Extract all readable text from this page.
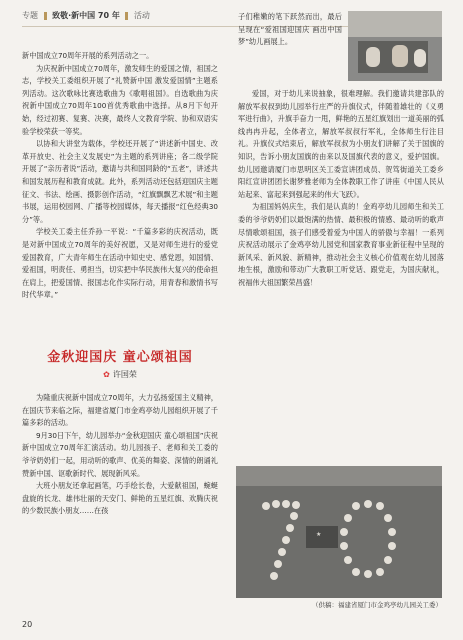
专题 致敬·新中国 70 年 活动

新中国成立70周年开展的系列活动之一。

为庆祝新中国成立70周年，激发师生的爱国之情，祖国之志，学校关工委组织开展了“礼赞新中国 激发爱国情”主题系列活动。这次歌咏比赛选歌曲为《歌唱祖国》。自选歌曲为庆祝新中国成立70周年100首优秀歌曲中选择。从8月下旬开始，经过初赛、复赛、决赛，最终人文教育学院、协和双语实验学校荣获一等奖。

以协和大讲堂为载体，学校还开展了“讲述新中国史、改革开放史、社会主义发展史”为主题的系列讲座；各二级学院开展了“亲历者说”活动，邀请与共和国同龄的“五老”，讲述共和国发展历程和教育成就。此外，系列活动还包括迎国庆主题征文、书法、绘画、摄影创作活动，“红旗飘飘艺术展”和主题书展，运用校园网、广播等校园媒体，每天播报“红色经典30分”等。

学校关工委主任乔孙一平说：“千篇多彩的庆祝活动，既是对新中国成立70周年的美好祝愿，又是对师生进行的爱党爱国教育，广大青年师生在活动中知史史、感党恩，知国情、爱祖国，明责任、勇担当，切实把中华民族伟大复兴的使命担在肩上，把爱国情、报国志化作实际行动，用青春和激情书写时代华章。”

金秋迎国庆 童心颂祖国
✿ 许国荣

为隆重庆祝新中国成立70周年，大力弘扬爱国主义精神，在国庆节来临之际，福建省厦门市金鸡亭幼儿园组织开展了千篇多彩的活动。

9月30日下午，幼儿园举办“金秋迎国庆 童心颂祖国”庆祝新中国成立70周年汇演活动。幼儿园孩子、老师和关工委的爷爷奶奶们一起，用动听的歌声、优美的舞姿、深情的朗诵礼赞新中国、讴歌新时代、展现新风采。

大班小朋友还拿起画笔，巧手绘长卷，大爱献祖国，蜿蜒盘旋的长龙、雄伟壮丽的天安门、鲜艳的五星红旗、欢腾庆祝的少数民族小朋友……在孩

子们稚嫩的笔下跃然而出，最后呈现在“爱祖国迎国庆 画出中国梦”幼儿画展上。

爱国，对于幼儿来说抽象，很难理解。我们邀请共建部队的解放军叔叔到幼儿园举行庄严的升旗仪式，伴随着雄壮的《义勇军进行曲》，升旗手奋力一甩，鲜艳的五星红旗划出一道美丽的弧线冉冉升起，全体者立，解放军叔叔行军礼，全体师生行注目礼。升旗仪式结束后，解放军叔叔为小朋友们讲解了关于国旗的知识，告诉小朋友国旗的由来以及国旗代表的意义，爱护国旗。幼儿园邀请厦门市思明区关工委宣讲团成员、贺笃街道关工委乡阳红宣讲团团长谢梦雅老师为全体教职工作了讲座《中国人民从站起来、富起来到强起来的伟大飞跃》。

为祖国妈妈庆生，我们是认真的！金鸡亭幼儿园师生和关工委的爷爷奶奶们以最饱满的热情、最积极的情感、最动听的歌声尽情歌颂祖国，孩子们感受着爱为中国人的骄傲与幸福！一系列庆祝活动展示了金鸡亭幼儿园党和国家教育事业新征程中呈现的新风采、新风貌、新精神，推动社会主义核心价值观在幼儿园落地生根，激励和带动广大教职工听党话、跟党走，为国庆献礼，祝福伟大祖国繁荣昌盛！

★
（供稿：福建省厦门市金鸡亭幼儿园关工委）
20
